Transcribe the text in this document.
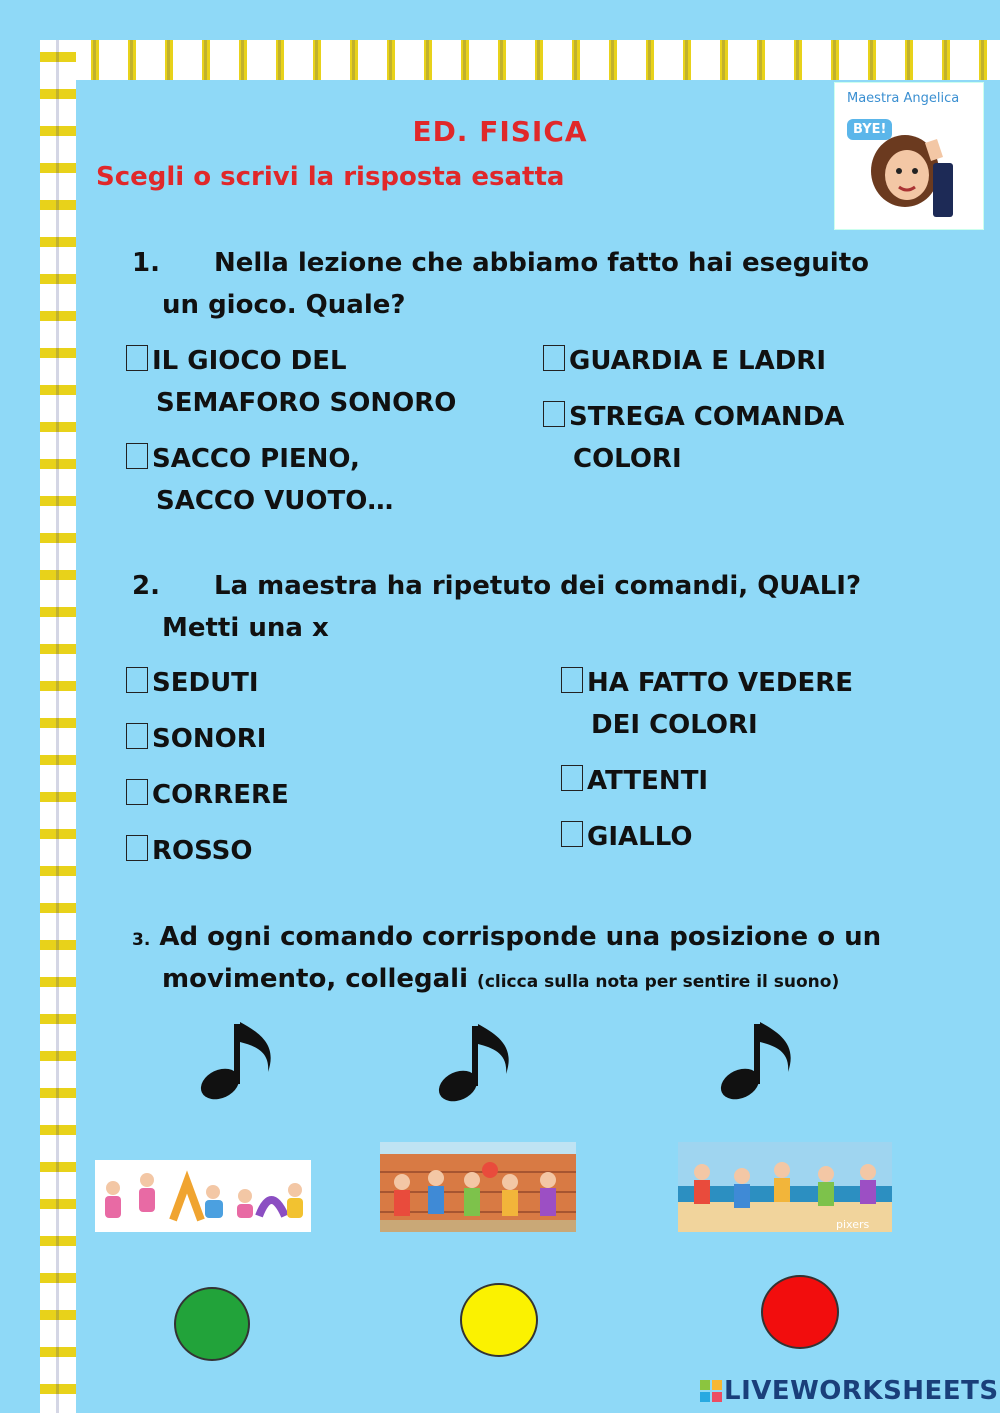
ED. FISICA
Scegli o scrivi la risposta esatta
Maestra Angelica
BYE!
1. Nella lezione che abbiamo fatto hai eseguito
un gioco. Quale?
IL GIOCO DEL
SEMAFORO SONORO
SACCO PIENO,
SACCO VUOTO…
GUARDIA E LADRI
STREGA COMANDA
COLORI
2. La maestra ha ripetuto dei comandi, QUALI?
Metti una x
SEDUTI
SONORI
CORRERE
ROSSO
HA FATTO VEDERE
DEI COLORI
ATTENTI
GIALLO
3. Ad ogni comando corrisponde una posizione o un
movimento, collegali (clicca sulla nota per sentire il suono)
pixers
LIVEWORKSHEETS
